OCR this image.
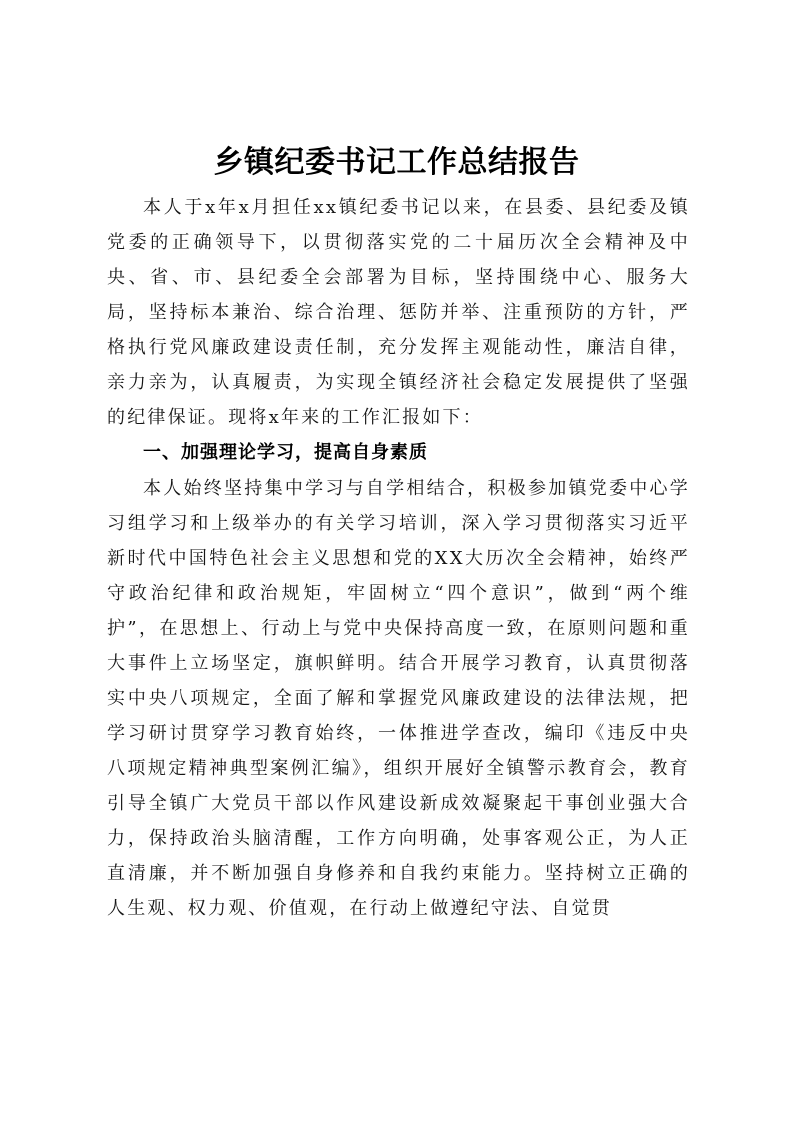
乡镇纪委书记工作总结报告

本人于x年x月担任xx镇纪委书记以来，在县委、县纪委及镇党委的正确领导下，以贯彻落实党的二十届历次全会精神及中央、省、市、县纪委全会部署为目标，坚持围绕中心、服务大局，坚持标本兼治、综合治理、惩防并举、注重预防的方针，严格执行党风廉政建设责任制，充分发挥主观能动性，廉洁自律，亲力亲为，认真履责，为实现全镇经济社会稳定发展提供了坚强的纪律保证。现将x年来的工作汇报如下：

一、加强理论学习，提高自身素质

本人始终坚持集中学习与自学相结合，积极参加镇党委中心学习组学习和上级举办的有关学习培训，深入学习贯彻落实习近平新时代中国特色社会主义思想和党的XX大历次全会精神，始终严守政治纪律和政治规矩，牢固树立“四个意识”，做到“两个维护”，在思想上、行动上与党中央保持高度一致，在原则问题和重大事件上立场坚定，旗帜鲜明。结合开展学习教育，认真贯彻落实中央八项规定，全面了解和掌握党风廉政建设的法律法规，把学习研讨贯穿学习教育始终，一体推进学查改，编印《违反中央八项规定精神典型案例汇编》，组织开展好全镇警示教育会，教育引导全镇广大党员干部以作风建设新成效凝聚起干事创业强大合力，保持政治头脑清醒，工作方向明确，处事客观公正，为人正直清廉，并不断加强自身修养和自我约束能力。坚持树立正确的人生观、权力观、价值观，在行动上做遵纪守法、自觉贯
